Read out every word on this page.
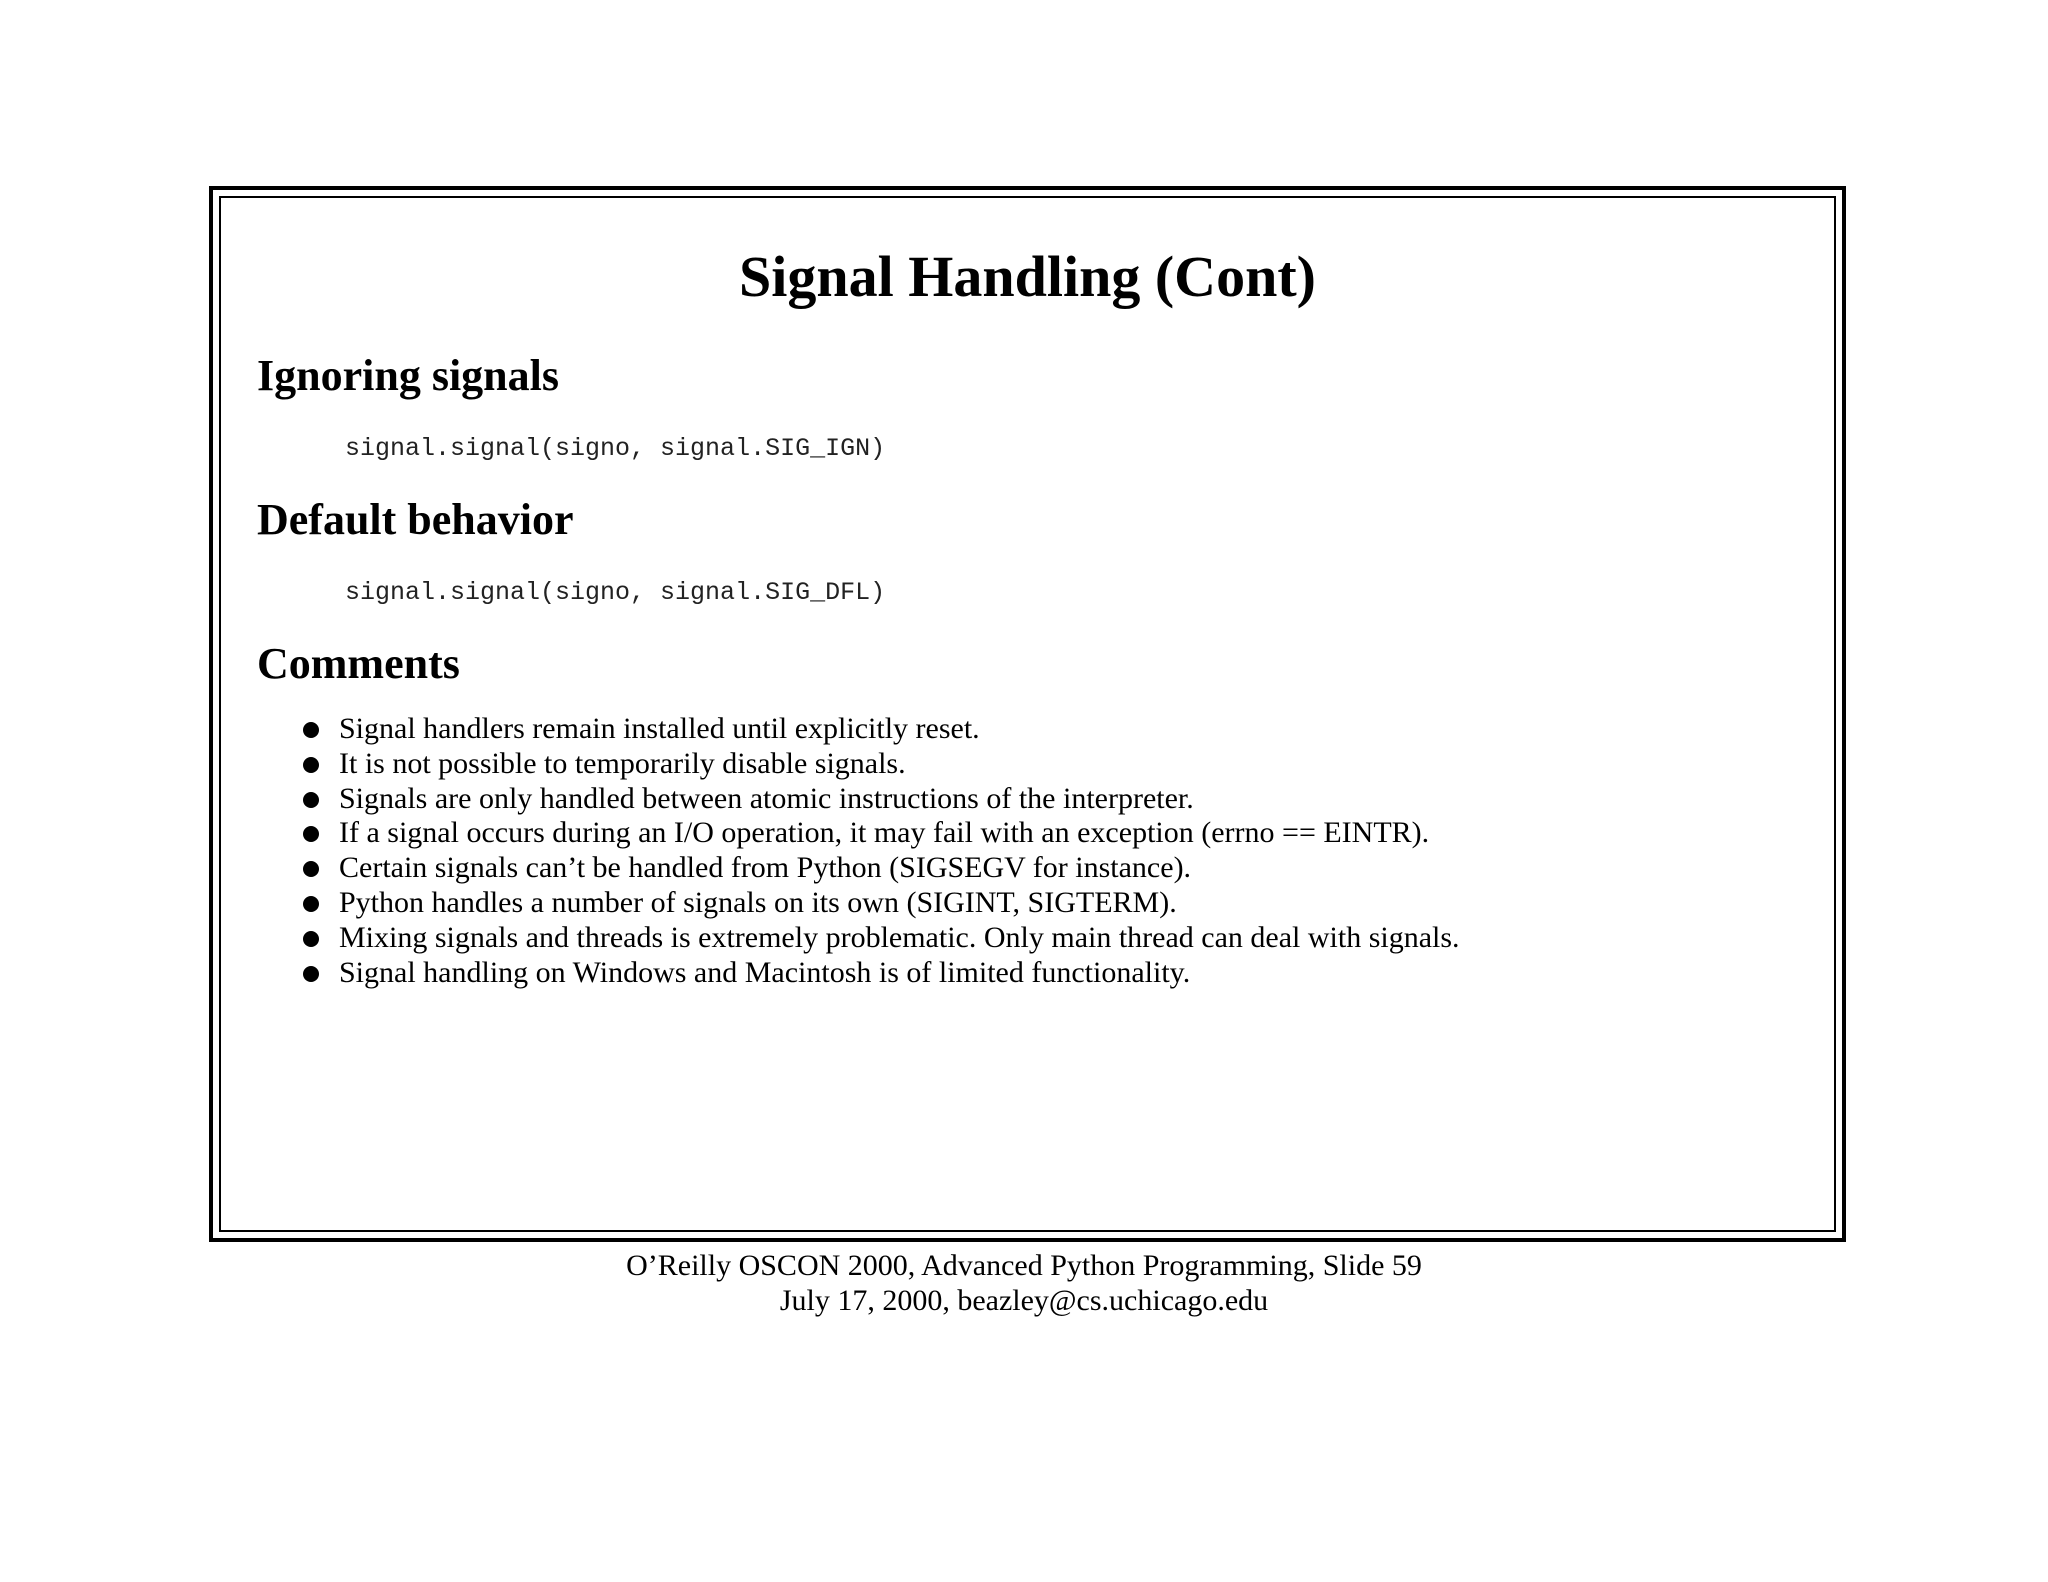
Signal Handling (Cont)
Ignoring signals
signal.signal(signo, signal.SIG_IGN)
Default behavior
signal.signal(signo, signal.SIG_DFL)
Comments
Signal handlers remain installed until explicitly reset.
It is not possible to temporarily disable signals.
Signals are only handled between atomic instructions of the interpreter.
If a signal occurs during an I/O operation, it may fail with an exception (errno == EINTR).
Certain signals can’t be handled from Python (SIGSEGV for instance).
Python handles a number of signals on its own (SIGINT, SIGTERM).
Mixing signals and threads is extremely problematic. Only main thread can deal with signals.
Signal handling on Windows and Macintosh is of limited functionality.
O’Reilly OSCON 2000, Advanced Python Programming, Slide 59
July 17, 2000, beazley@cs.uchicago.edu
